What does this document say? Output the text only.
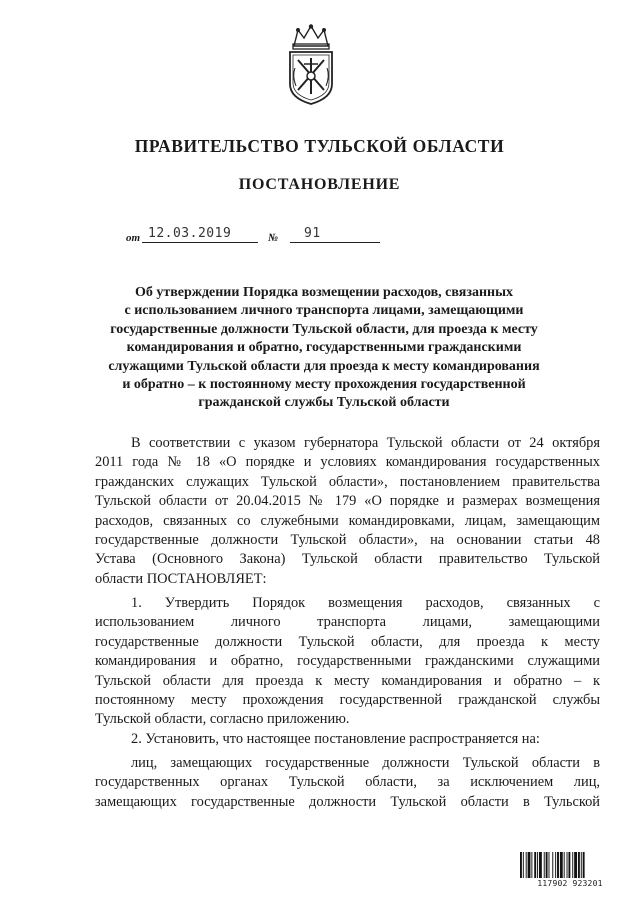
ПРАВИТЕЛЬСТВО ТУЛЬСКОЙ ОБЛАСТИ
ПОСТАНОВЛЕНИЕ
от 12.03.2019	№ 91
Об утверждении Порядка возмещении расходов, связанных
с использованием личного транспорта лицами, замещающими
государственные должности Тульской области, для проезда к месту
командирования и обратно, государственными гражданскими
служащими Тульской области для проезда к месту командирования
и обратно – к постоянному месту прохождения государственной
гражданской службы Тульской области
В соответствии с указом губернатора Тульской области от 24 октября
2011 года № 18 «О порядке и условиях командирования государственных
гражданских служащих Тульской области», постановлением правительства
Тульской области от 20.04.2015 № 179 «О порядке и размерах возмещения
расходов, связанных со служебными командировками, лицам, замещающим
государственные должности Тульской области», на основании статьи 48
Устава (Основного Закона) Тульской области правительство Тульской
области ПОСТАНОВЛЯЕТ:
1. Утвердить Порядок возмещения расходов, связанных с
использованием личного транспорта лицами, замещающими
государственные должности Тульской области, для проезда к месту
командирования и обратно, государственными гражданскими служащими
Тульской области для проезда к месту командирования и обратно – к
постоянному месту прохождения государственной гражданской службы
Тульской области, согласно приложению.
2. Установить, что настоящее постановление распространяется на:
лиц, замещающих государственные должности Тульской области в
государственных органах Тульской области, за исключением лиц,
замещающих государственные должности Тульской области в Тульской
117902 923201
